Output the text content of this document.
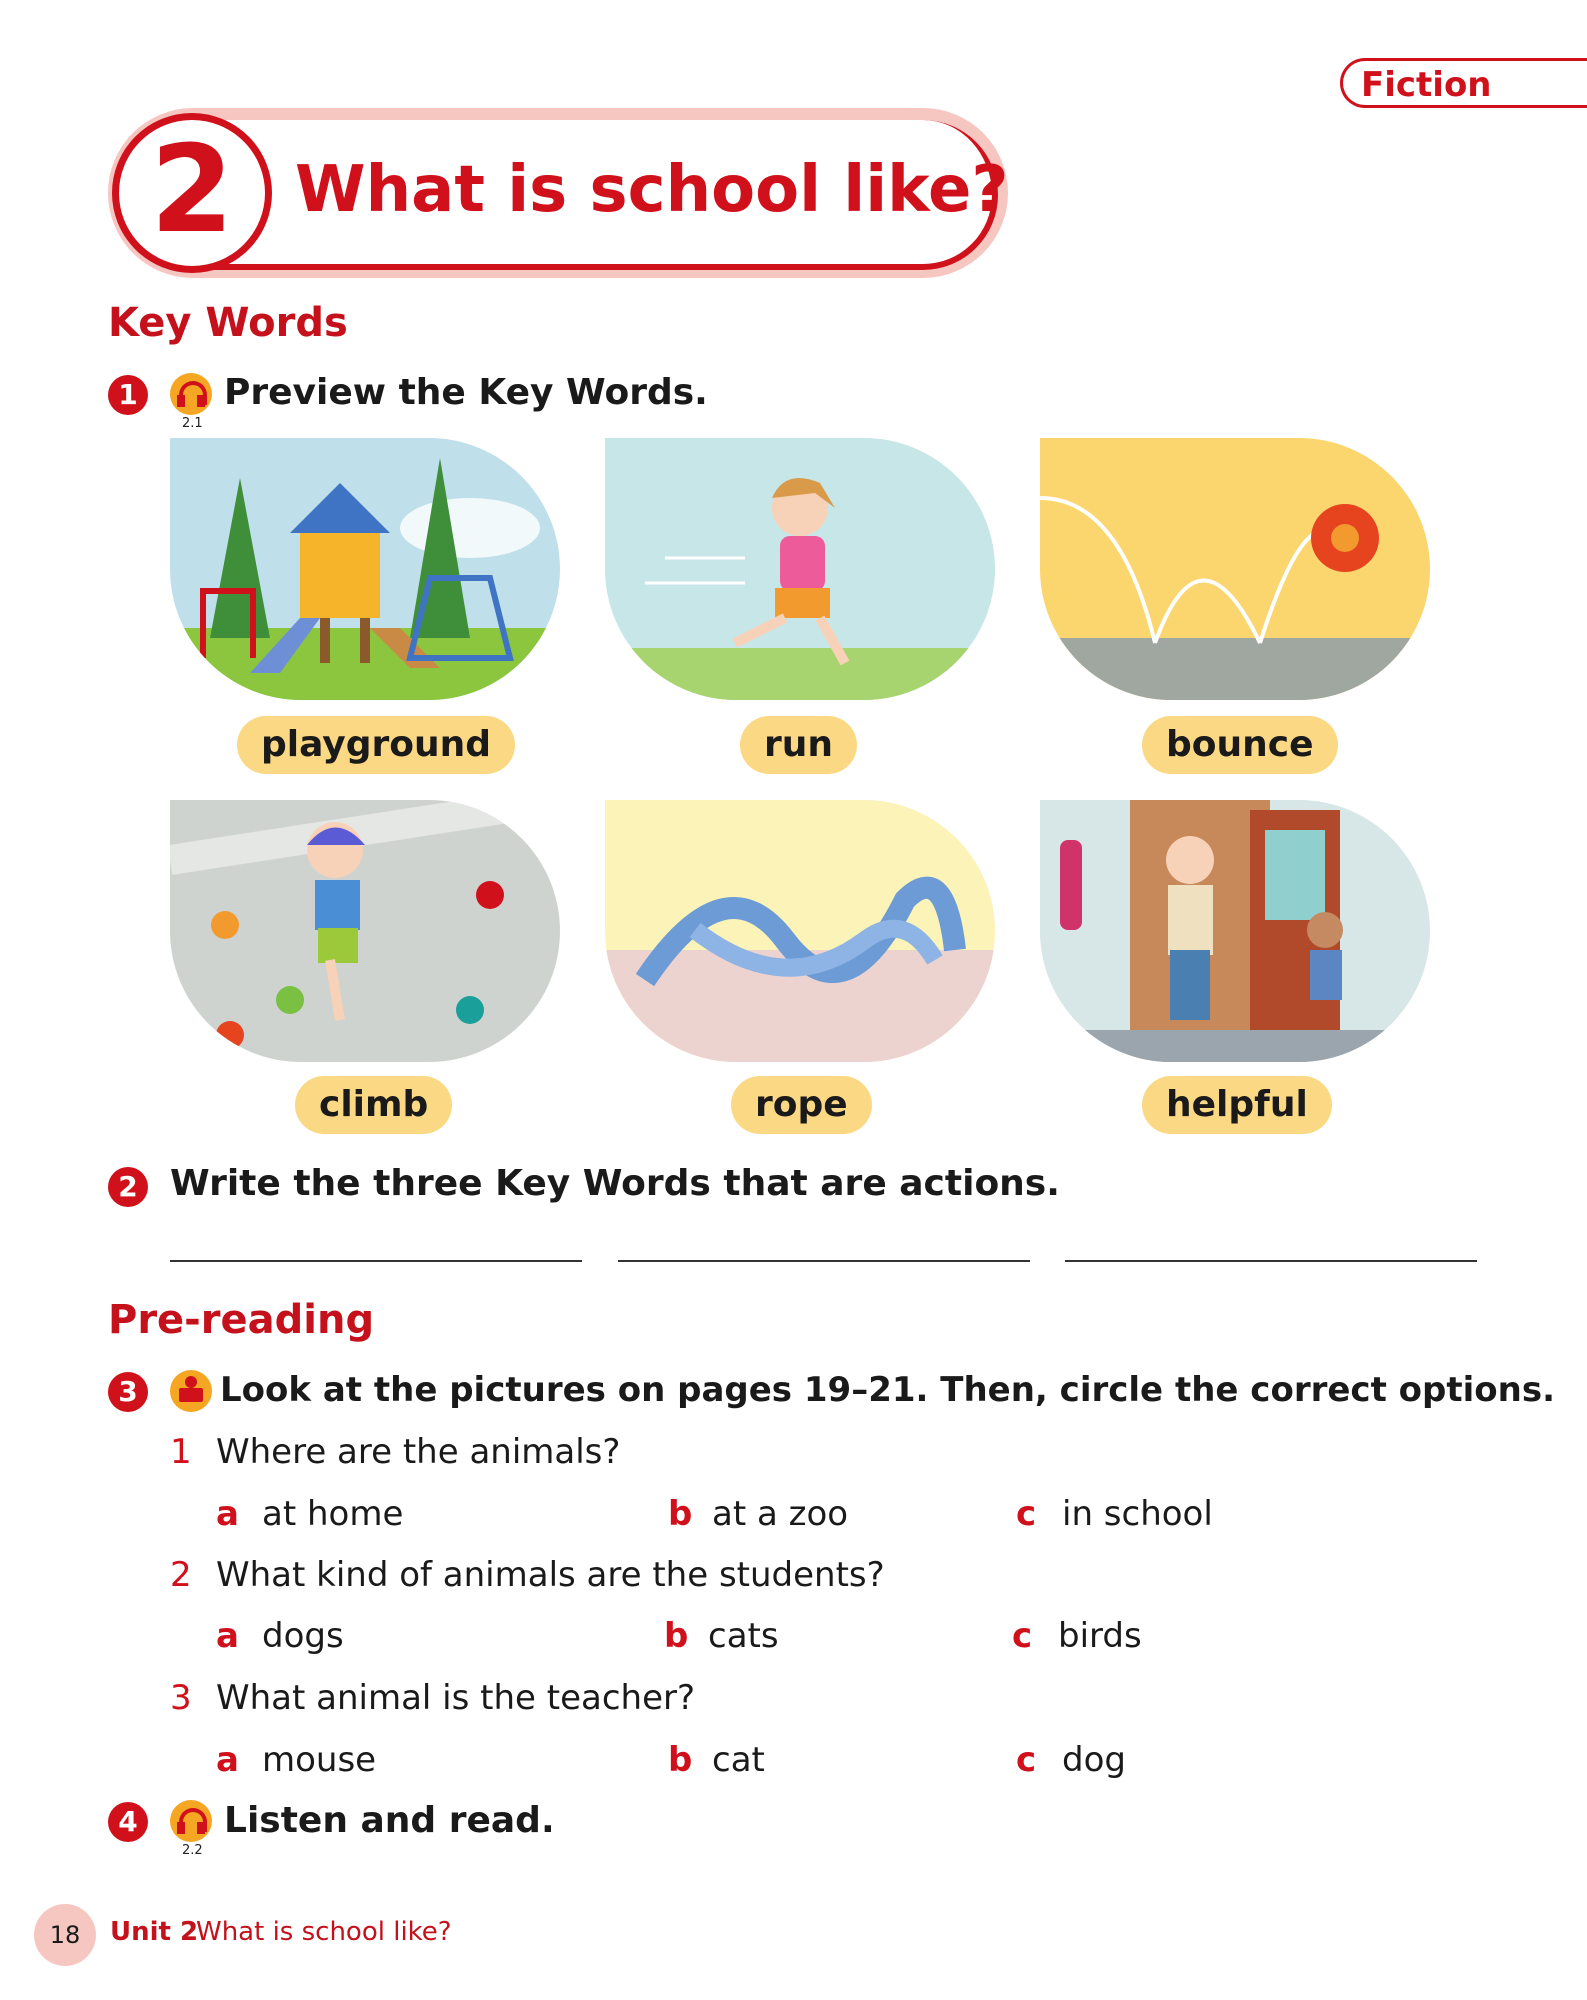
Fiction
2 What is school like?
Key Words
1
2.1
Preview the Key Words.
playground	run	bounce
climb	rope	helpful
2 Write the three Key Words that are actions.
Pre-reading
3	Look at the pictures on pages 19–21. Then, circle the correct options.
1 Where are the animals?
a at home	b at a zoo	c in school
2 What kind of animals are the students?
a dogs	b cats	c birds
3 What animal is the teacher?
a mouse	b cat	c dog
4
2.2
Listen and read.
18	Unit 2
What is school like?
